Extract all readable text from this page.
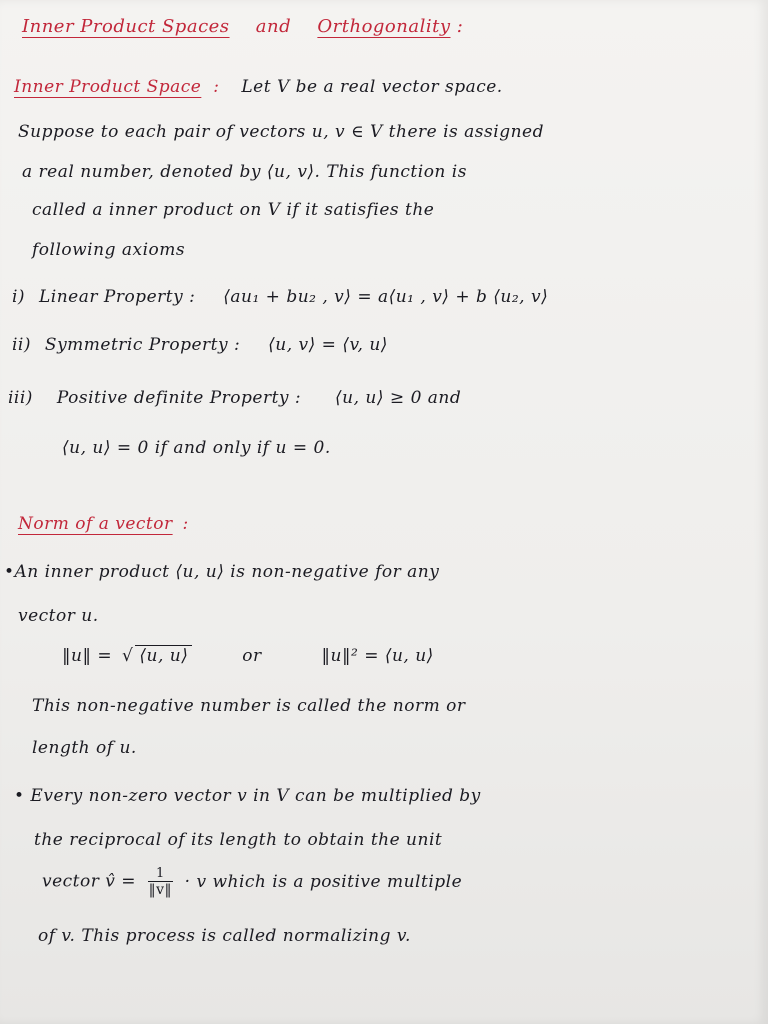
Inner Product Spaces and Orthogonality :
Inner Product Space : Let V be a real vector space.
Suppose to each pair of vectors u, v ∈ V there is assigned
a real number, denoted by ⟨u, v⟩. This function is
called a inner product on V if it satisfies the
following axioms
i) Linear Property : ⟨au₁ + bu₂ , v⟩ = a⟨u₁ , v⟩ + b ⟨u₂, v⟩
ii) Symmetric Property : ⟨u, v⟩ = ⟨v, u⟩
iii) Positive definite Property : ⟨u, u⟩ ≥ 0 and
⟨u, u⟩ = 0 if and only if u = 0.
Norm of a vector :
•An inner product ⟨u, u⟩ is non-negative for any
vector u.
‖u‖ = √ ⟨u, u⟩	or	‖u‖² = ⟨u, u⟩
This non-negative number is called the norm or
length of u.
• Every non-zero vector v in V can be multiplied by
the reciprocal of its length to obtain the unit
vector v̂ = $\frac{1}{‖v‖} \cdot v$ which is a positive multiple
of v. This process is called normalizing v.
